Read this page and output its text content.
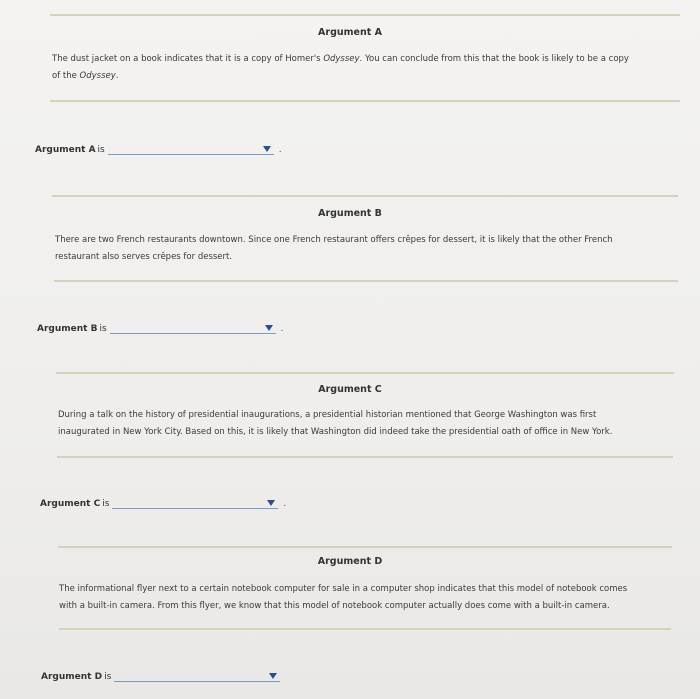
Argument A
The dust jacket on a book indicates that it is a copy of Homer's Odyssey. You can conclude from this that the book is likely to be a copy
of the Odyssey.
Argument A is	.
Argument B
There are two French restaurants downtown. Since one French restaurant offers crêpes for dessert, it is likely that the other French
restaurant also serves crêpes for dessert.
Argument B is	.
Argument C
During a talk on the history of presidential inaugurations, a presidential historian mentioned that George Washington was first
inaugurated in New York City. Based on this, it is likely that Washington did indeed take the presidential oath of office in New York.
Argument C is	.
Argument D
The informational flyer next to a certain notebook computer for sale in a computer shop indicates that this model of notebook comes
with a built-in camera. From this flyer, we know that this model of notebook computer actually does come with a built-in camera.
Argument D is
